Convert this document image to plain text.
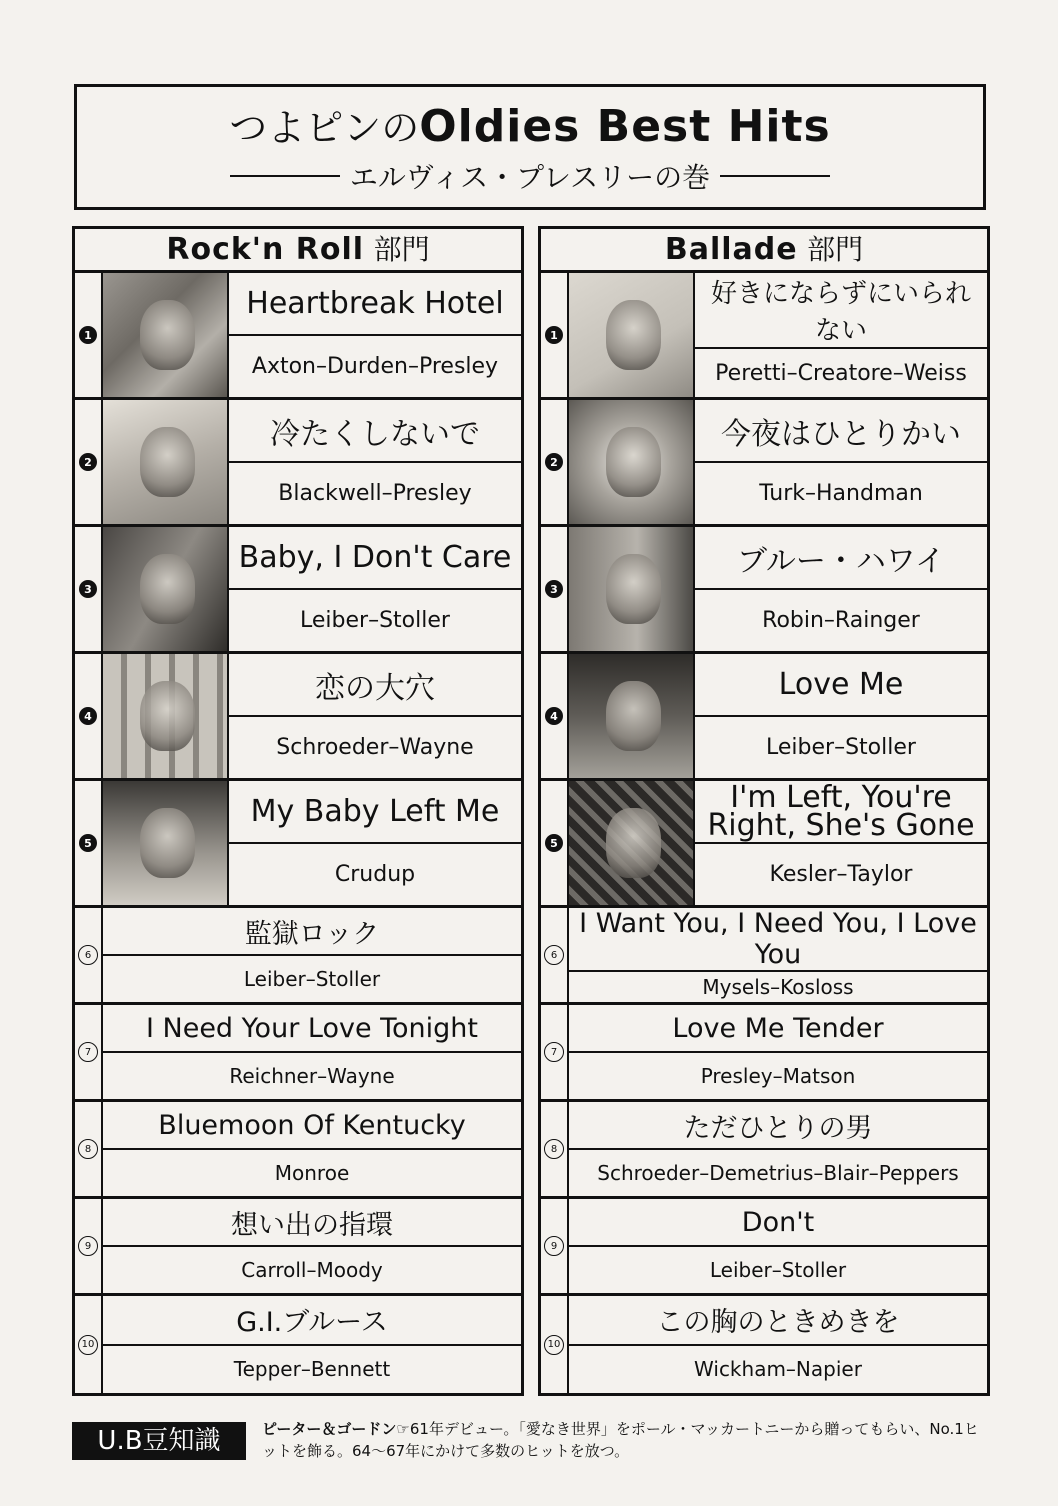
つよピンのOldies Best Hits
エルヴィス・プレスリーの巻
Rock'n Roll 部門
1
Heartbreak Hotel
Axton–Durden–Presley
2
冷たくしないで
Blackwell–Presley
3
Baby, I Don't Care
Leiber–Stoller
4
恋の大穴
Schroeder–Wayne
5
My Baby Left Me
Crudup
6
監獄ロック
Leiber–Stoller
7
I Need Your Love Tonight
Reichner–Wayne
8
Bluemoon Of Kentucky
Monroe
9
想い出の指環
Carroll–Moody
10
G.I.ブルース
Tepper–Bennett
Ballade 部門
1
好きにならずにいられない
Peretti–Creatore–Weiss
2
今夜はひとりかい
Turk–Handman
3
ブルー・ハワイ
Robin–Rainger
4
Love Me
Leiber–Stoller
5
I'm Left, You're Right, She's Gone
Kesler–Taylor
6
I Want You, I Need You, I Love You
Mysels–Kosloss
7
Love Me Tender
Presley–Matson
8
ただひとりの男
Schroeder–Demetrius–Blair–Peppers
9
Don't
Leiber–Stoller
10
この胸のときめきを
Wickham–Napier
U.B豆知識	ピーター＆ゴードン☞61年デビュー。「愛なき世界」をポール・マッカートニーから贈ってもらい、No.1ヒットを飾る。64〜67年にかけて多数のヒットを放つ。
